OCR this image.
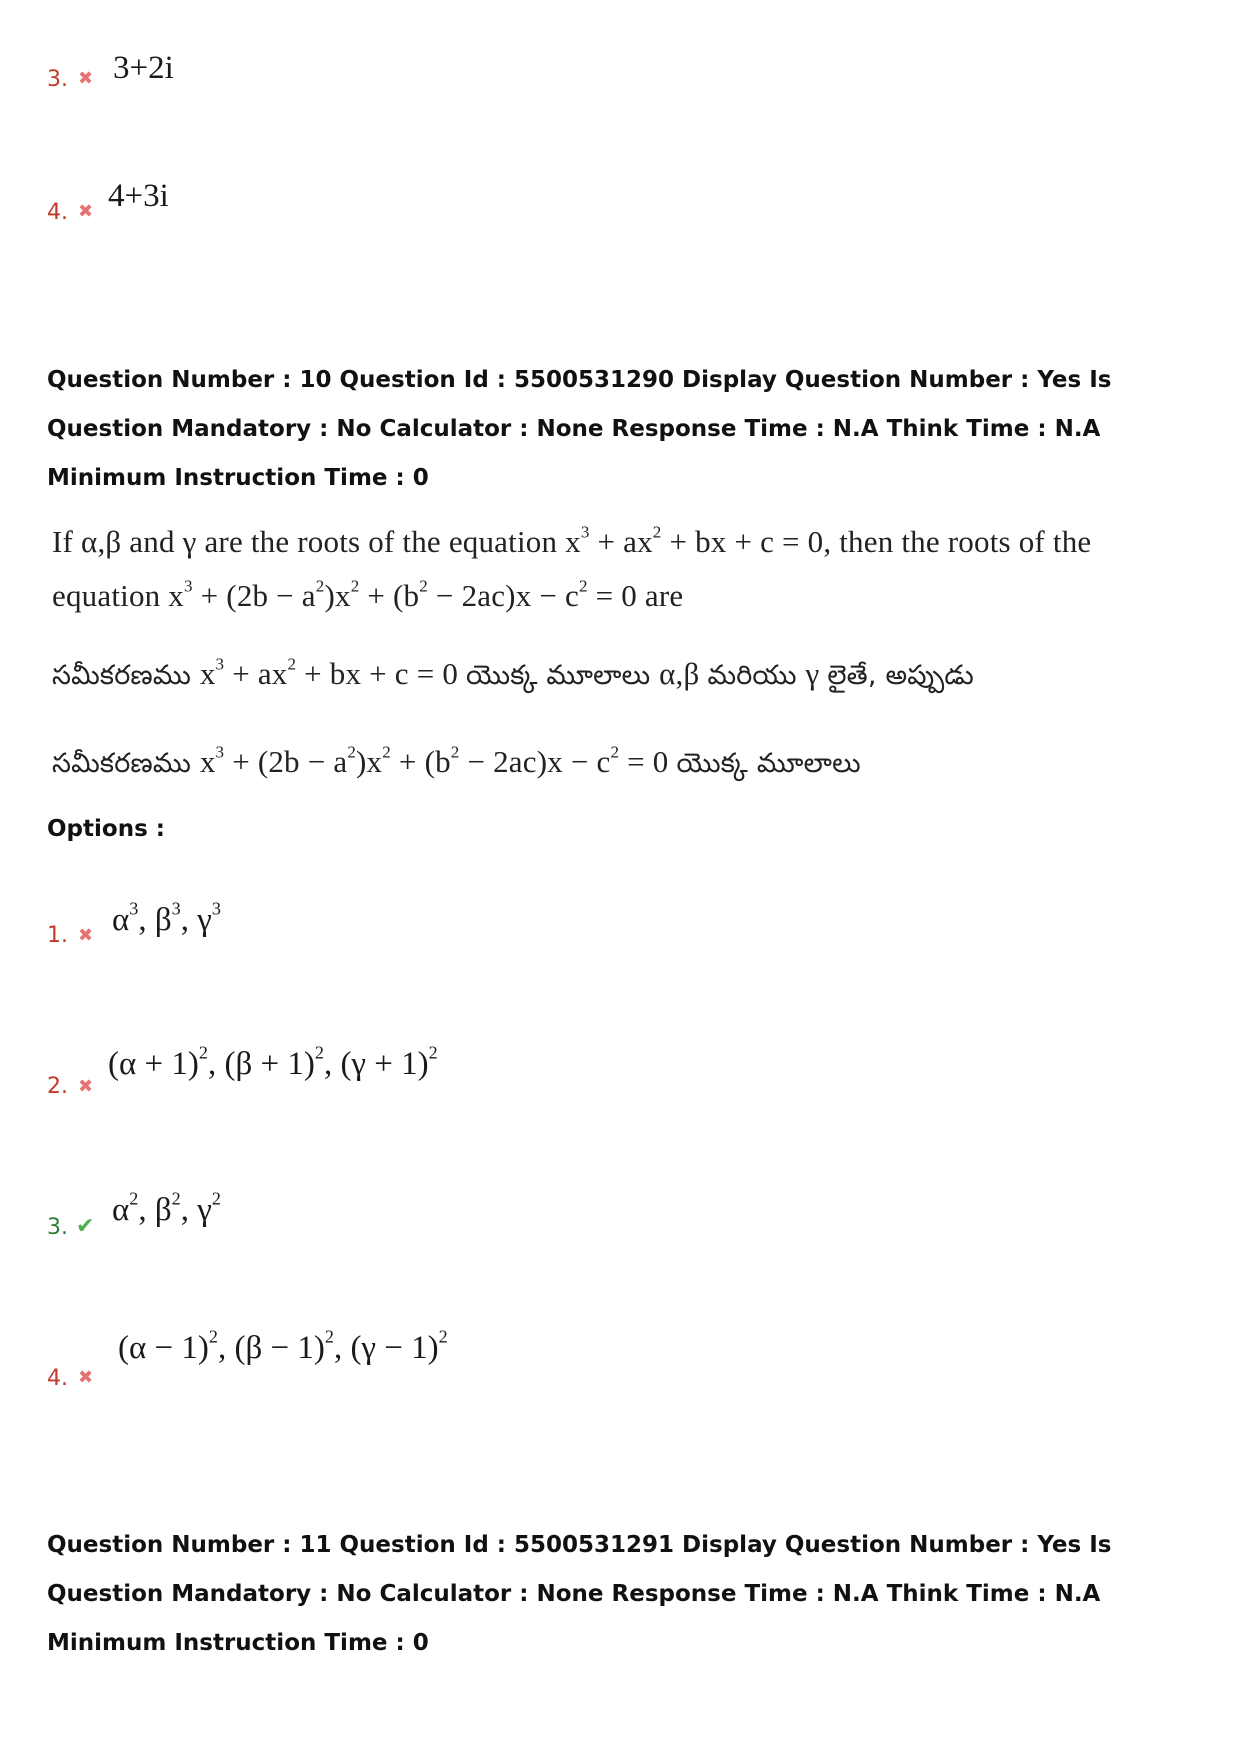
3. ✖ 3+2i
4. ✖ 4+3i
Question Number : 10 Question Id : 5500531290 Display Question Number : Yes Is Question Mandatory : No Calculator : None Response Time : N.A Think Time : N.A Minimum Instruction Time : 0
If α,β and γ are the roots of the equation $x^3 + ax^2$ + bx + c = 0, then the roots of the
equation $x^3 + (2b - a^2)x^2 + (b^2 - 2ac)x - c^2 = 0$ are
సమీకరణము $x^3 + ax^2$ + bx + c = 0 యొక్క మూలాలు α,β మరియు γ లైతే, అప్పుడు
సమీకరణము $x^3 + (2b - a^2)x^2 + (b^2 - 2ac)x - c^2 = 0$ యొక్క మూలాలు
Options :
1. ✖ $\alpha^3$, $\beta^3$, $\gamma^3$
2. ✖
$(\alpha + 1)^2$, $(\beta + 1)^2$, $(\gamma + 1)^2$
3. ✔ $\alpha^2$, $\beta^2$, $\gamma^2$
4. ✖
$(\alpha - 1)^2$, $(\beta - 1)^2$, $(\gamma - 1)^2$
Question Number : 11 Question Id : 5500531291 Display Question Number : Yes Is Question Mandatory : No Calculator : None Response Time : N.A Think Time : N.A Minimum Instruction Time : 0
